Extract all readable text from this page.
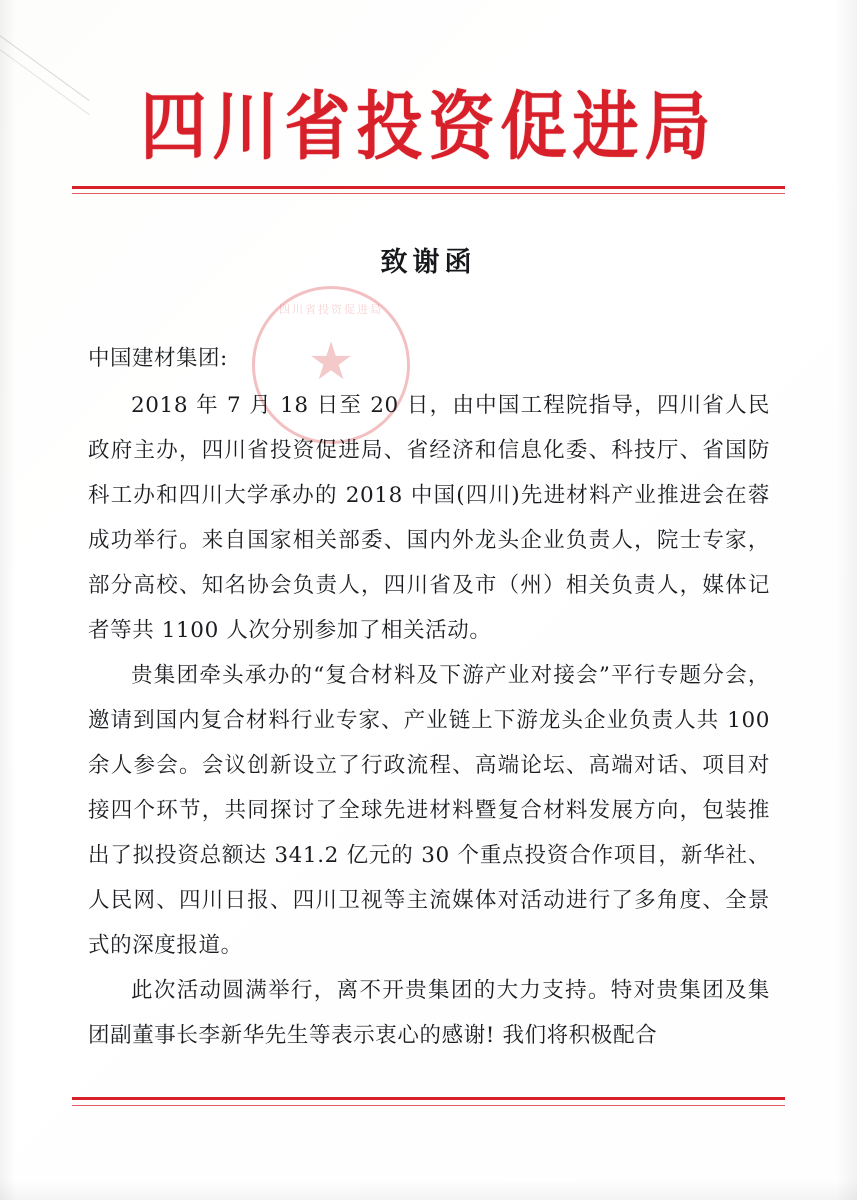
四川省投资促进局
致谢函
四川省投资促进局
★

中国建材集团:

2018 年 7 月 18 日至 20 日，由中国工程院指导，四川省人民政府主办，四川省投资促进局、省经济和信息化委、科技厅、省国防科工办和四川大学承办的 2018 中国(四川)先进材料产业推进会在蓉成功举行。来自国家相关部委、国内外龙头企业负责人，院士专家，部分高校、知名协会负责人，四川省及市（州）相关负责人，媒体记者等共 1100 人次分别参加了相关活动。

贵集团牵头承办的“复合材料及下游产业对接会”平行专题分会，邀请到国内复合材料行业专家、产业链上下游龙头企业负责人共 100 余人参会。会议创新设立了行政流程、高端论坛、高端对话、项目对接四个环节，共同探讨了全球先进材料暨复合材料发展方向，包装推出了拟投资总额达 341.2 亿元的 30 个重点投资合作项目，新华社、人民网、四川日报、四川卫视等主流媒体对活动进行了多角度、全景式的深度报道。

此次活动圆满举行，离不开贵集团的大力支持。特对贵集团及集团副董事长李新华先生等表示衷心的感谢! 我们将积极配合
